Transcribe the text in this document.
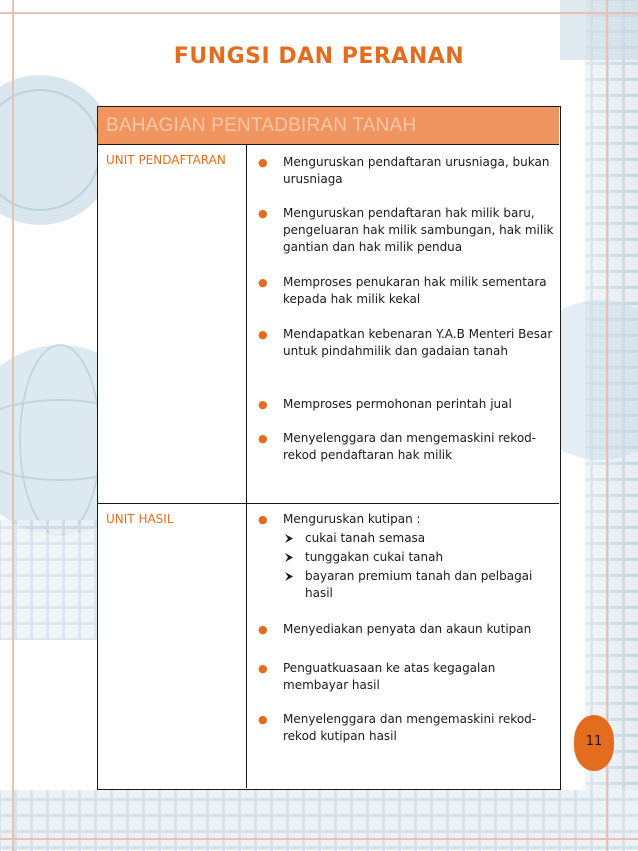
FUNGSI DAN PERANAN
BAHAGIAN PENTADBIRAN TANAH
UNIT PENDAFTARAN	● Menguruskan pendaftaran urusniaga, bukan urusniaga
● Menguruskan pendaftaran hak milik baru, pengeluaran hak milik sambungan, hak milik gantian dan hak milik pendua
● Memproses penukaran hak milik sementara kepada hak milik kekal
● Mendapatkan kebenaran Y.A.B Menteri Besar untuk pindahmilik dan gadaian tanah
● Memproses permohonan perintah jual
● Menyelenggara dan mengemaskini rekod-rekod pendaftaran hak milik
UNIT HASIL	● Menguruskan kutipan :
cukai tanah semasa
tunggakan cukai tanah
bayaran premium tanah dan pelbagai hasil
● Menyediakan penyata dan akaun kutipan
● Penguatkuasaan ke atas kegagalan membayar hasil
● Menyelenggara dan mengemaskini rekod-rekod kutipan hasil	11
